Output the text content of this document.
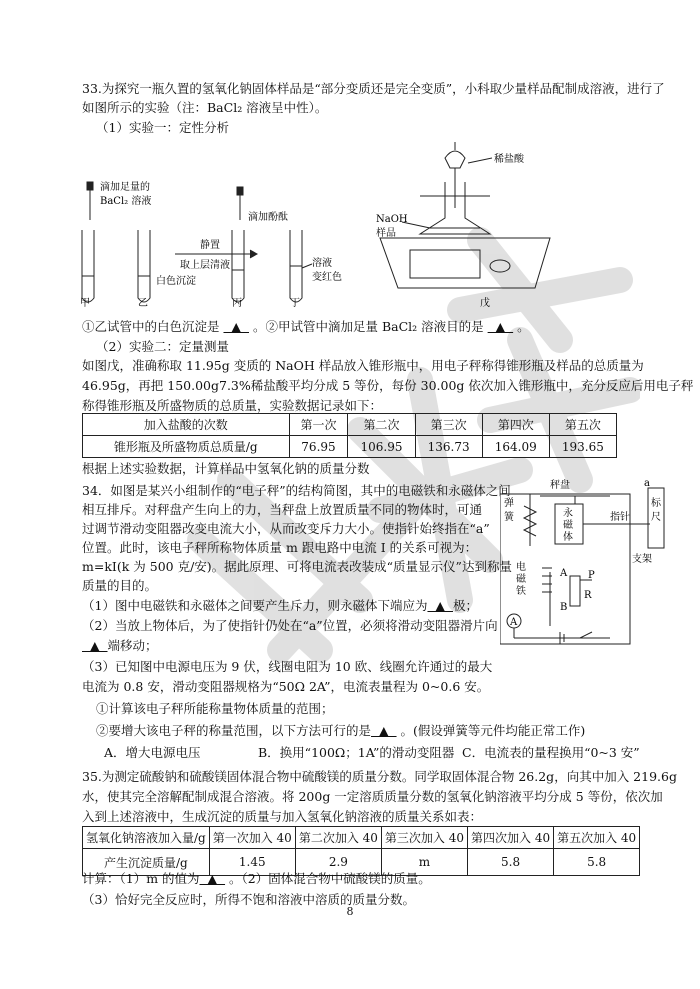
33.为探究一瓶久置的氢氧化钠固体样品是“部分变质还是完全变质”，小科取少量样品配制成溶液，进行了
如图所示的实验（注：BaCl₂ 溶液呈中性）。
（1）实验一：定性分析
滴加足量的
BaCl₂ 溶液
静置
取上层清液
白色沉淀
滴加酚酞
溶液
变红色
甲	乙	丙	丁
稀盐酸
NaOH
样品
戊
①乙试管中的白色沉淀是   ▲   。②甲试管中滴加足量 BaCl₂ 溶液目的是   ▲   。
（2）实验二：定量测量
如图戊，准确称取 11.95g 变质的 NaOH 样品放入锥形瓶中，用电子秤称得锥形瓶及样品的总质量为
46.95g，再把 150.00g7.3%稀盐酸平均分成 5 等份，每份 30.00g 依次加入锥形瓶中，充分反应后用电子秤
称得锥形瓶及所盛物质的总质量，实验数据记录如下：
加入盐酸的次数	第一次	第二次	第三次	第四次	第五次
锥形瓶及所盛物质总质量/g	76.95	106.95	136.73	164.09	193.65
根据上述实验数据，计算样品中氢氧化钠的质量分数
34．如图是某兴小组制作的“电子秤”的结构简图，其中的电磁铁和永磁体之间
相互排斥。对秤盘产生向上的力，当秤盘上放置质量不同的物体时，可通
过调节滑动变阻器改变电流大小，从而改变斥力大小。使指针始终指在“a”
位置。此时，该电子秤所称物体质量 m 跟电路中电流 I 的关系可视为：
m=kI(k 为 500 克/安)。据此原理、可将电流表改装成“质量显示仪”达到称量
质量的目的。
（1）图中电磁铁和永磁体之间要产生斥力，则永磁体下端应为  ▲  极；
（2）当放上物体后，为了使指针仍处在“a”位置，必须将滑动变阻器滑片向
▲  端移动；
（3）已知图中电源电压为 9 伏，线圈电阻为 10 欧、线圈允许通过的最大
电流为 0.8 安，滑动变阻器规格为“50Ω 2A”，电流表量程为 0~0.6 安。
①计算该电子秤所能称量物体质量的范围；
②要增大该电子秤的称量范围，以下方法可行的是  ▲   。(假设弹簧等元件均能正常工作)
A．增大电源电压	B．换用“100Ω；1A”的滑动变阻器 C．电流表的量程换用“0~3 安”
秤盘
弹
簧	永
磁
体
指针
a
标
尺
电
磁
铁
A P
R
B
A
支架
35.为测定硫酸钠和硫酸镁固体混合物中硫酸镁的质量分数。同学取固体混合物 26.2g，向其中加入 219.6g
水，使其完全溶解配制成混合溶液。将 200g 一定溶质质量分数的氢氧化钠溶液平均分成 5 等份，依次加
入到上述溶液中，生成沉淀的质量与加入氢氧化钠溶液的质量关系如表：
氢氧化钠溶液加入量/g	第一次加入 40	第二次加入 40	第三次加入 40	第四次加入 40	第五次加入 40
产生沉淀质量/g	1.45	2.9	m	5.8	5.8
计算：（1）m 的值为  ▲   。（2）固体混合物中硫酸镁的质量。
（3）恰好完全反应时，所得不饱和溶液中溶质的质量分数。
8
